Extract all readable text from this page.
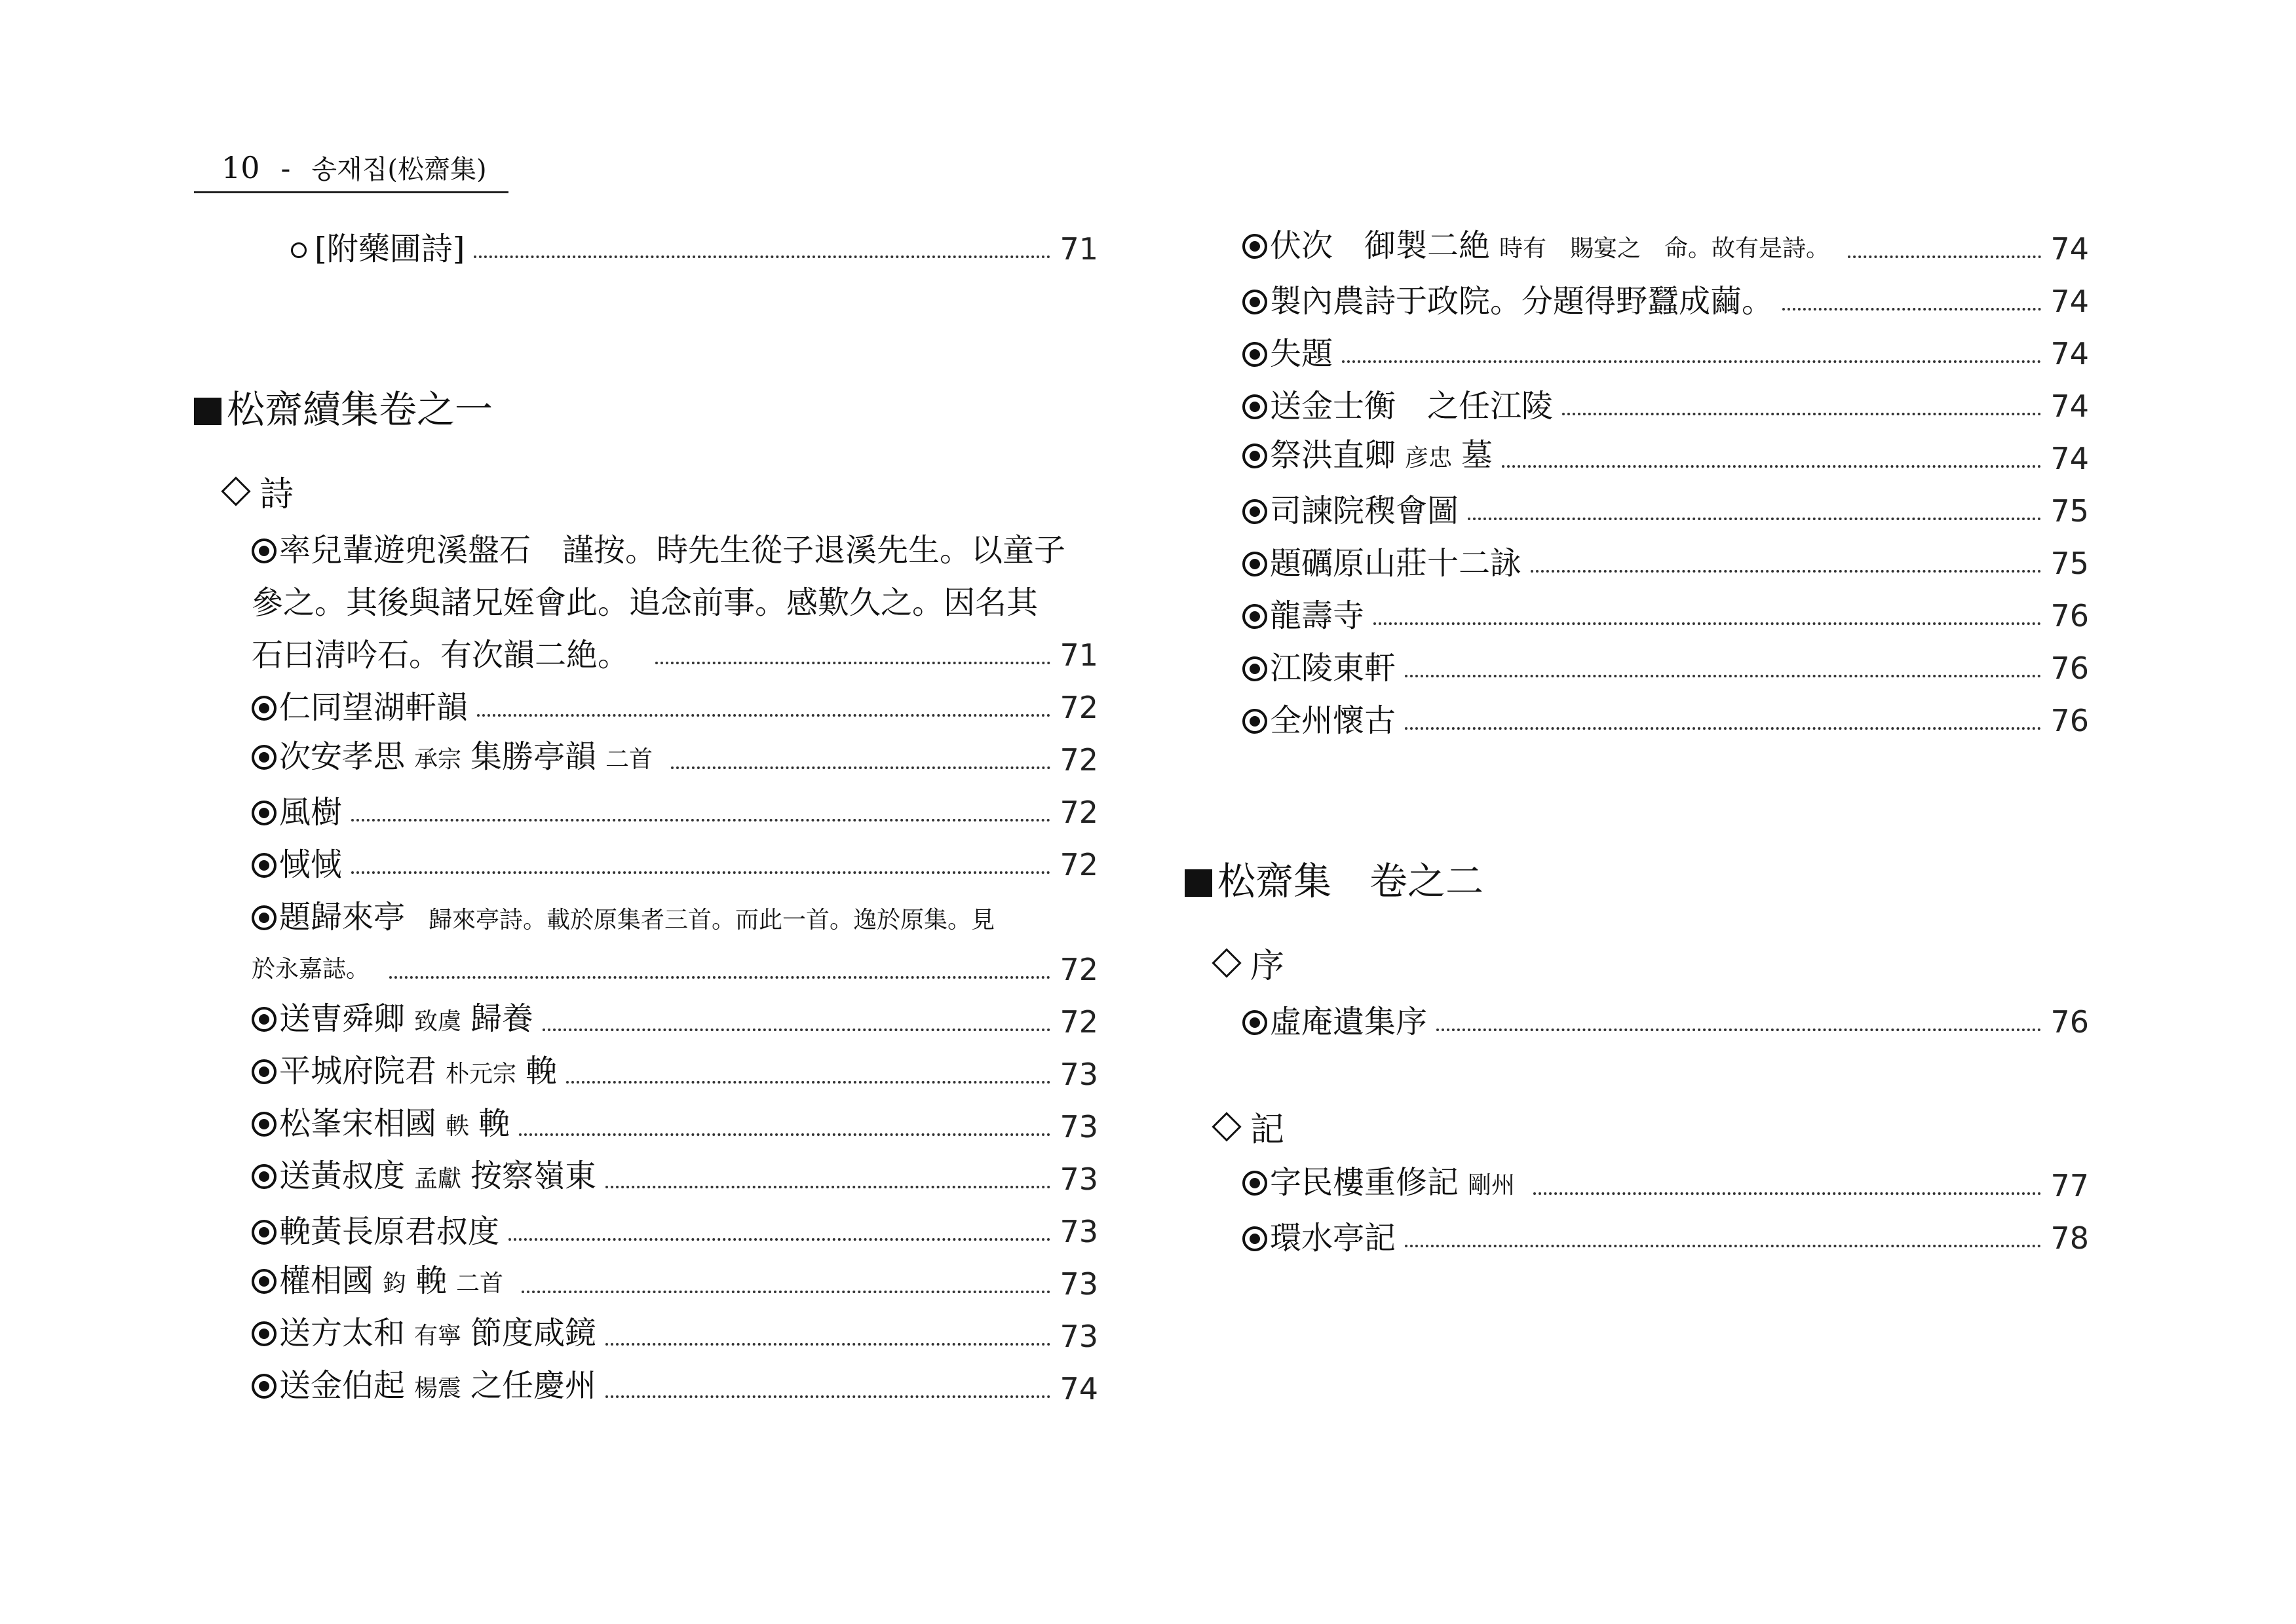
10 - 송재집(松齋集)
[附藥圃詩]	71
松齋續集卷之一
詩
率兒輩遊兜溪盤石　謹按。時先生從子退溪先生。以童子
參之。其後與諸兄姪會此。追念前事。感歎久之。因名其
石曰淸吟石。有次韻二絶。	71
仁同望湖軒韻	72
次安孝思 承宗 集勝亭韻 二首	72
風樹	72
惐惐	72
題歸來亭 歸來亭詩。載於原集者三首。而此一首。逸於原集。見
於永嘉誌。	72
送曺舜卿 致虞 歸養	72
平城府院君 朴元宗 輓	73
松峯宋相國 軼 輓	73
送黃叔度 孟獻 按察嶺東	73
輓黃長原君叔度	73
權相國 鈞 輓 二首	73
送方太和 有寧 節度咸鏡	73
送金伯起 楊震 之任慶州	74
伏次　御製二絶 時有　賜宴之　命。故有是詩。	74
製內農詩于政院。分題得野蠶成繭。	74
失題	74
送金士衡　之任江陵	74
祭洪直卿 彦忠 墓	74
司諫院稧會圖	75
題礪原山莊十二詠	75
龍壽寺	76
江陵東軒	76
全州懷古	76
松齋集　卷之二
序
虛庵遺集序	76
記
字民樓重修記 剛州	77
環水亭記	78
